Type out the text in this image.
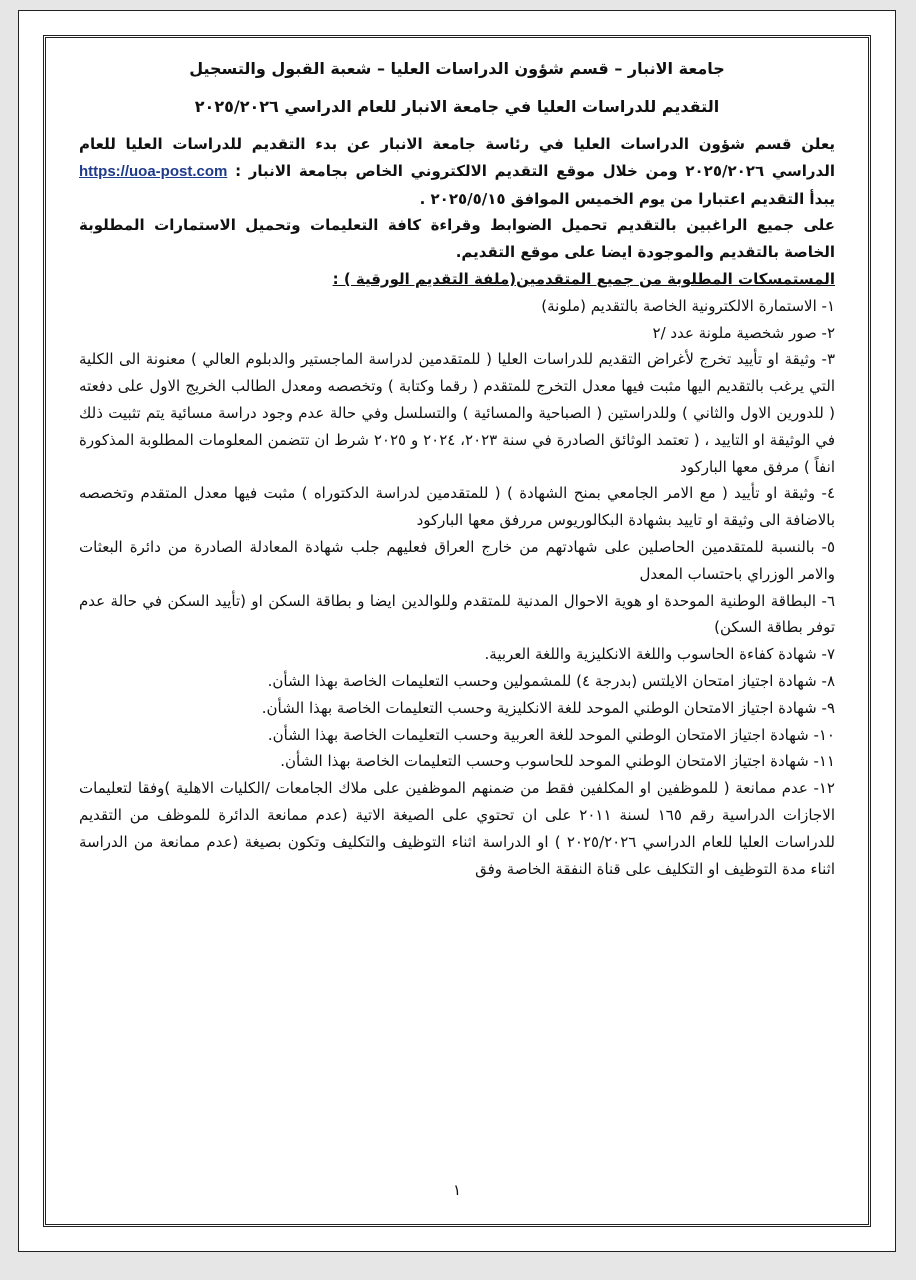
جامعة الانبار – قسم شؤون الدراسات العليا – شعبة القبول والتسجيل
التقديم للدراسات العليا في جامعة الانبار للعام الدراسي ٢٠٢٥/٢٠٢٦

يعلن قسم شؤون الدراسات العليا في رئاسة جامعة الانبار عن بدء التقديم للدراسات العليا للعام الدراسي ٢٠٢٥/٢٠٢٦ ومن خلال موقع التقديم الالكتروني الخاص بجامعة الانبار : https://uoa-post.com يبدأ التقديم اعتبارا من يوم الخميس الموافق ٢٠٢٥/٥/١٥ .

على جميع الراغبين بالتقديم تحميل الضوابط وقراءة كافة التعليمات وتحميل الاستمارات المطلوبة الخاصة بالتقديم والموجودة ايضا على موقع التقديم.

المستمسكات المطلوبة من جميع المتقدمين(ملفة التقديم الورقية ) :

١- الاستمارة الالكترونية الخاصة بالتقديم (ملونة)

٢- صور شخصية ملونة عدد /٢

٣- وثيقة او تأييد تخرج لأغراض التقديم للدراسات العليا ( للمتقدمين لدراسة الماجستير والدبلوم العالي ) معنونة الى الكلية التي يرغب بالتقديم اليها مثبت فيها معدل التخرج للمتقدم ( رقما وكتابة ) وتخصصه ومعدل الطالب الخريج الاول على دفعته ( للدورين الاول والثاني ) وللدراستين ( الصباحية والمسائية ) والتسلسل وفي حالة عدم وجود دراسة مسائية يتم تثبيت ذلك في الوثيقة او التاييد ، ( تعتمد الوثائق الصادرة في سنة ٢٠٢٣، ٢٠٢٤ و ٢٠٢٥ شرط ان تتضمن المعلومات المطلوبة المذكورة انفاً ) مرفق معها الباركود

٤- وثيقة او تأييد ( مع الامر الجامعي بمنح الشهادة ) ( للمتقدمين لدراسة الدكتوراه ) مثبت فيها معدل المتقدم وتخصصه بالاضافة الى وثيقة او تاييد بشهادة البكالوريوس مررفق معها الباركود

٥- بالنسبة للمتقدمين الحاصلين على شهادتهم من خارج العراق فعليهم جلب شهادة المعادلة الصادرة من دائرة البعثات والامر الوزراي باحتساب المعدل

٦- البطاقة الوطنية الموحدة او هوية الاحوال المدنية للمتقدم وللوالدين ايضا و بطاقة السكن او (تأييد السكن في حالة عدم توفر بطاقة السكن)

٧- شهادة كفاءة الحاسوب واللغة الانكليزية واللغة العربية.

٨- شهادة اجتياز امتحان الايلتس (بدرجة ٤) للمشمولين وحسب التعليمات الخاصة بهذا الشأن.

٩- شهادة اجتياز الامتحان الوطني الموحد للغة الانكليزية وحسب التعليمات الخاصة بهذا الشأن.

١٠- شهادة اجتياز الامتحان الوطني الموحد للغة العربية وحسب التعليمات الخاصة بهذا الشأن.

١١- شهادة اجتياز الامتحان الوطني الموحد للحاسوب وحسب التعليمات الخاصة بهذا الشأن.

١٢- عدم ممانعة ( للموظفين او المكلفين فقط من ضمنهم الموظفين على ملاك الجامعات /الكليات الاهلية )وفقا لتعليمات الاجازات الدراسية رقم ١٦٥ لسنة ٢٠١١ على ان تحتوي على الصيغة الاتية (عدم ممانعة الدائرة للموظف من التقديم للدراسات العليا للعام الدراسي ٢٠٢٥/٢٠٢٦ ) او الدراسة اثناء التوظيف والتكليف وتكون بصيغة (عدم ممانعة من الدراسة اثناء مدة التوظيف او التكليف على قناة النفقة الخاصة وفق

١
